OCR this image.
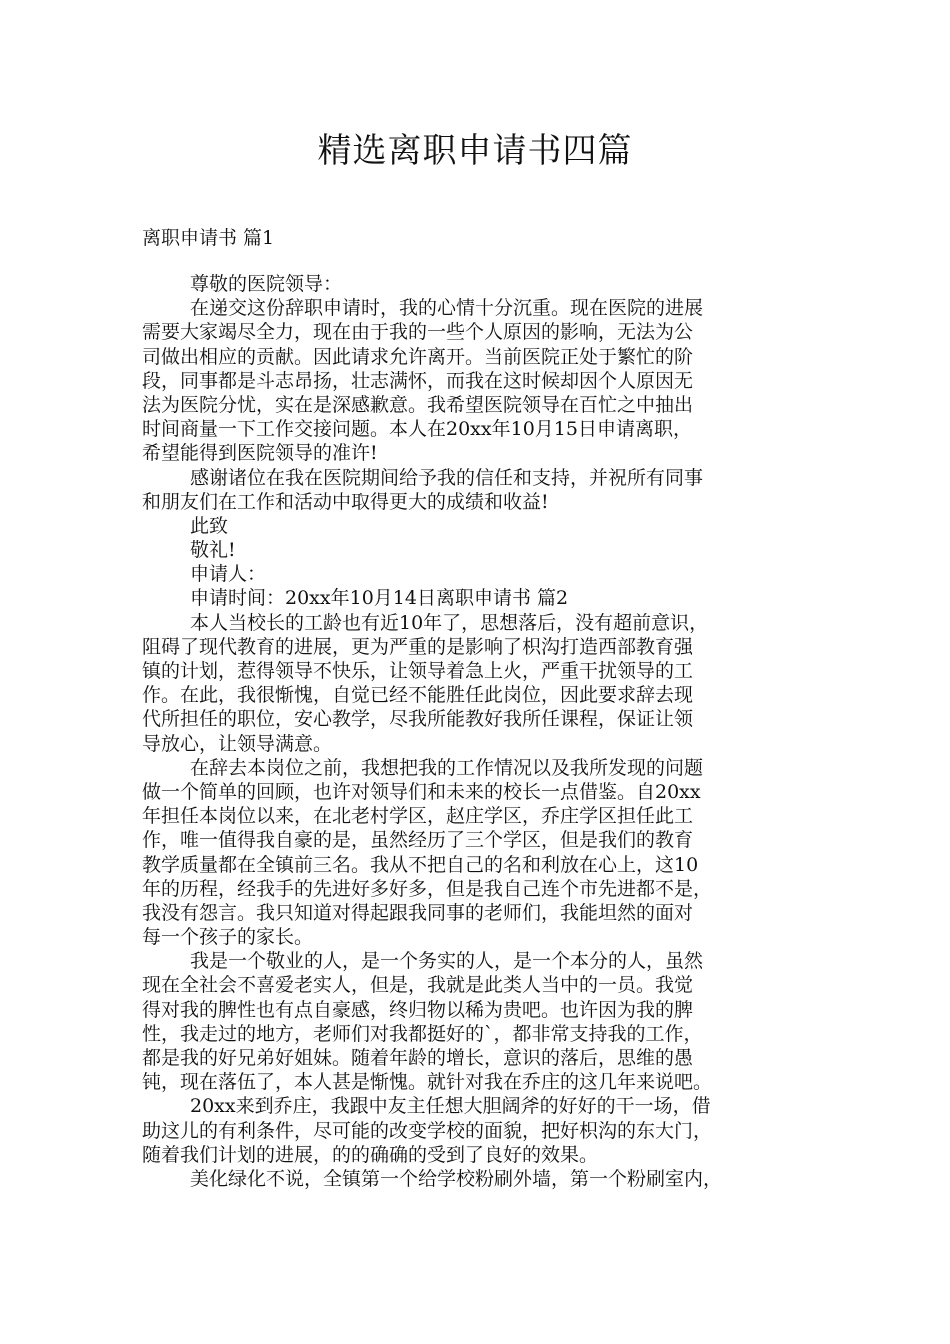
精选离职申请书四篇
离职申请书 篇1
尊敬的医院领导：
在递交这份辞职申请时，我的心情十分沉重。现在医院的进展
需要大家竭尽全力，现在由于我的一些个人原因的影响，无法为公
司做出相应的贡献。因此请求允许离开。当前医院正处于繁忙的阶
段，同事都是斗志昂扬，壮志满怀，而我在这时候却因个人原因无
法为医院分忧，实在是深感歉意。我希望医院领导在百忙之中抽出
时间商量一下工作交接问题。本人在20xx年10月15日申请离职，
希望能得到医院领导的准许!
感谢诸位在我在医院期间给予我的信任和支持，并祝所有同事
和朋友们在工作和活动中取得更大的成绩和收益!
此致
敬礼!
申请人：
申请时间：20xx年10月14日离职申请书 篇2
本人当校长的工龄也有近10年了，思想落后，没有超前意识，
阻碍了现代教育的进展，更为严重的是影响了枳沟打造西部教育强
镇的计划，惹得领导不快乐，让领导着急上火，严重干扰领导的工
作。在此，我很惭愧，自觉已经不能胜任此岗位，因此要求辞去现
代所担任的职位，安心教学，尽我所能教好我所任课程，保证让领
导放心，让领导满意。
在辞去本岗位之前，我想把我的工作情况以及我所发现的问题
做一个简单的回顾，也许对领导们和未来的校长一点借鉴。自20xx
年担任本岗位以来，在北老村学区，赵庄学区，乔庄学区担任此工
作，唯一值得我自豪的是，虽然经历了三个学区，但是我们的教育
教学质量都在全镇前三名。我从不把自己的名和利放在心上，这10
年的历程，经我手的先进好多好多，但是我自己连个市先进都不是，
我没有怨言。我只知道对得起跟我同事的老师们，我能坦然的面对
每一个孩子的家长。
我是一个敬业的人，是一个务实的人，是一个本分的人，虽然
现在全社会不喜爱老实人，但是，我就是此类人当中的一员。我觉
得对我的脾性也有点自豪感，终归物以稀为贵吧。也许因为我的脾
性，我走过的地方，老师们对我都挺好的`，都非常支持我的工作，
都是我的好兄弟好姐妹。随着年龄的增长，意识的落后，思维的愚
钝，现在落伍了，本人甚是惭愧。就针对我在乔庄的这几年来说吧。
20xx来到乔庄，我跟中友主任想大胆阔斧的好好的干一场，借
助这儿的有利条件，尽可能的改变学校的面貌，把好枳沟的东大门，
随着我们计划的进展，的的确确的受到了良好的效果。
美化绿化不说，全镇第一个给学校粉刷外墙，第一个粉刷室内，
